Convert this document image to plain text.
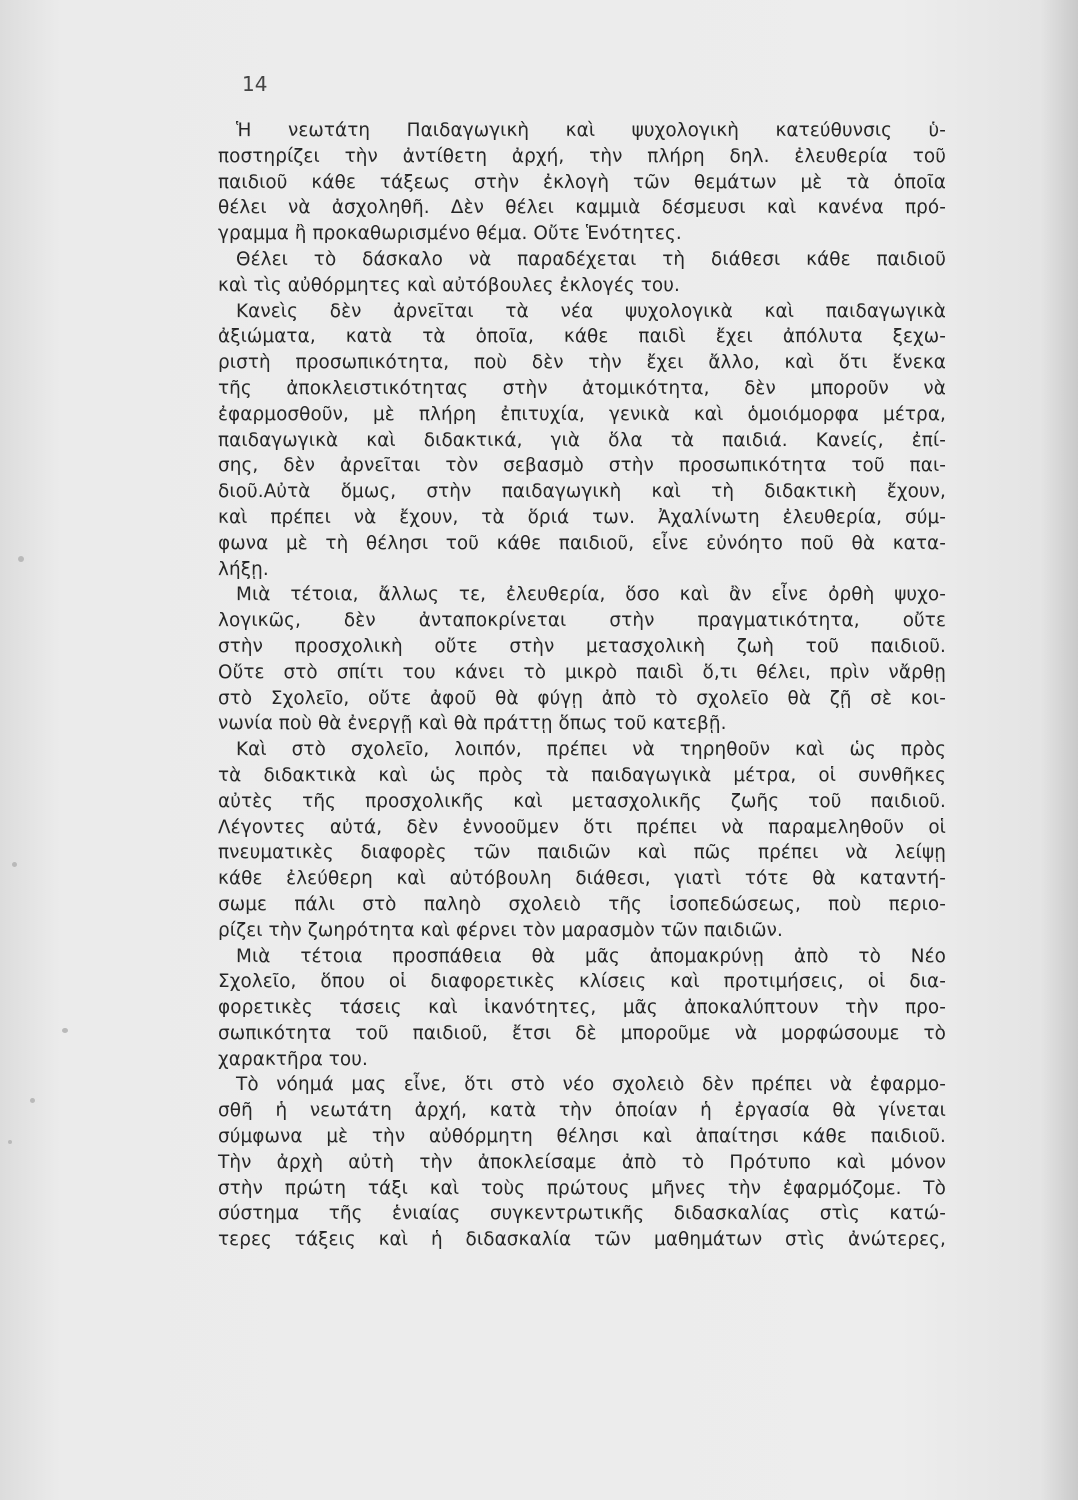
14
Ἡ νεωτάτη Παιδαγωγικὴ καὶ ψυχολογικὴ κατεύθυνσις ὑ-
ποστηρίζει τὴν ἀντίθετη ἀρχή, τὴν πλήρη δηλ. ἐλευθερία τοῦ
παιδιοῦ κάθε τάξεως στὴν ἐκλογὴ τῶν θεμάτων μὲ τὰ ὁποῖα
θέλει νὰ ἀσχοληθῆ. Δὲν θέλει καμμιὰ δέσμευσι καὶ κανένα πρό-
γραμμα ἢ προκαθωρισμένο θέμα. Οὔτε Ἑνότητες.
Θέλει τὸ δάσκαλο νὰ παραδέχεται τὴ διάθεσι κάθε παιδιοῦ
καὶ τὶς αὐθόρμητες καὶ αὐτόβουλες ἐκλογές του.
Κανεὶς δὲν ἀρνεῖται τὰ νέα ψυχολογικὰ καὶ παιδαγωγικὰ
ἀξιώματα, κατὰ τὰ ὁποῖα, κάθε παιδὶ ἔχει ἀπόλυτα ξεχω-
ριστὴ προσωπικότητα, ποὺ δὲν τὴν ἔχει ἄλλο, καὶ ὅτι ἕνεκα
τῆς ἀποκλειστικότητας στὴν ἀτομικότητα, δὲν μποροῦν νὰ
ἐφαρμοσθοῦν, μὲ πλήρη ἐπιτυχία, γενικὰ καὶ ὁμοιόμορφα μέτρα,
παιδαγωγικὰ καὶ διδακτικά, γιὰ ὅλα τὰ παιδιά. Κανείς, ἐπί-
σης, δὲν ἀρνεῖται τὸν σεβασμὸ στὴν προσωπικότητα τοῦ παι-
διοῦ.Αὐτὰ ὅμως, στὴν παιδαγωγικὴ καὶ τὴ διδακτικὴ ἔχουν,
καὶ πρέπει νὰ ἔχουν, τὰ ὅριά των. Ἀχαλίνωτη ἐλευθερία, σύμ-
φωνα μὲ τὴ θέλησι τοῦ κάθε παιδιοῦ, εἶνε εὐνόητο ποῦ θὰ κατα-
λήξῃ.
Μιὰ τέτοια, ἄλλως τε, ἐλευθερία, ὅσο καὶ ἂν εἶνε ὀρθὴ ψυχο-
λογικῶς, δὲν ἀνταποκρίνεται στὴν πραγματικότητα, οὔτε
στὴν προσχολικὴ οὔτε στὴν μετασχολικὴ ζωὴ τοῦ παιδιοῦ.
Οὔτε στὸ σπίτι του κάνει τὸ μικρὸ παιδὶ ὅ,τι θέλει, πρὶν νἄρθῃ
στὸ Σχολεῖο, οὔτε ἀφοῦ θὰ φύγῃ ἀπὸ τὸ σχολεῖο θὰ ζῇ σὲ κοι-
νωνία ποὺ θὰ ἐνεργῇ καὶ θὰ πράττῃ ὅπως τοῦ κατεβῇ.
Καὶ στὸ σχολεῖο, λοιπόν, πρέπει νὰ τηρηθοῦν καὶ ὡς πρὸς
τὰ διδακτικὰ καὶ ὡς πρὸς τὰ παιδαγωγικὰ μέτρα, οἱ συνθῆκες
αὐτὲς τῆς προσχολικῆς καὶ μετασχολικῆς ζωῆς τοῦ παιδιοῦ.
Λέγοντες αὐτά, δὲν ἐννοοῦμεν ὅτι πρέπει νὰ παραμεληθοῦν οἱ
πνευματικὲς διαφορὲς τῶν παιδιῶν καὶ πῶς πρέπει νὰ λείψῃ
κάθε ἐλεύθερη καὶ αὐτόβουλη διάθεσι, γιατὶ τότε θὰ καταντή-
σωμε πάλι στὸ παληὸ σχολειὸ τῆς ἰσοπεδώσεως, ποὺ περιο-
ρίζει τὴν ζωηρότητα καὶ φέρνει τὸν μαρασμὸν τῶν παιδιῶν.
Μιὰ τέτοια προσπάθεια θὰ μᾶς ἀπομακρύνῃ ἀπὸ τὸ Νέο
Σχολεῖο, ὅπου οἱ διαφορετικὲς κλίσεις καὶ προτιμήσεις, οἱ δια-
φορετικὲς τάσεις καὶ ἱκανότητες, μᾶς ἀποκαλύπτουν τὴν προ-
σωπικότητα τοῦ παιδιοῦ, ἔτσι δὲ μποροῦμε νὰ μορφώσουμε τὸ
χαρακτῆρα του.
Τὸ νόημά μας εἶνε, ὅτι στὸ νέο σχολειὸ δὲν πρέπει νὰ ἐφαρμο-
σθῆ ἡ νεωτάτη ἀρχή, κατὰ τὴν ὁποίαν ἡ ἐργασία θὰ γίνεται
σύμφωνα μὲ τὴν αὐθόρμητη θέλησι καὶ ἀπαίτησι κάθε παιδιοῦ.
Τὴν ἀρχὴ αὐτὴ τὴν ἀποκλείσαμε ἀπὸ τὸ Πρότυπο καὶ μόνον
στὴν πρώτη τάξι καὶ τοὺς πρώτους μῆνες τὴν ἐφαρμόζομε. Τὸ
σύστημα τῆς ἑνιαίας συγκεντρωτικῆς διδασκαλίας στὶς κατώ-
τερες τάξεις καὶ ἡ διδασκαλία τῶν μαθημάτων στὶς ἀνώτερες,
